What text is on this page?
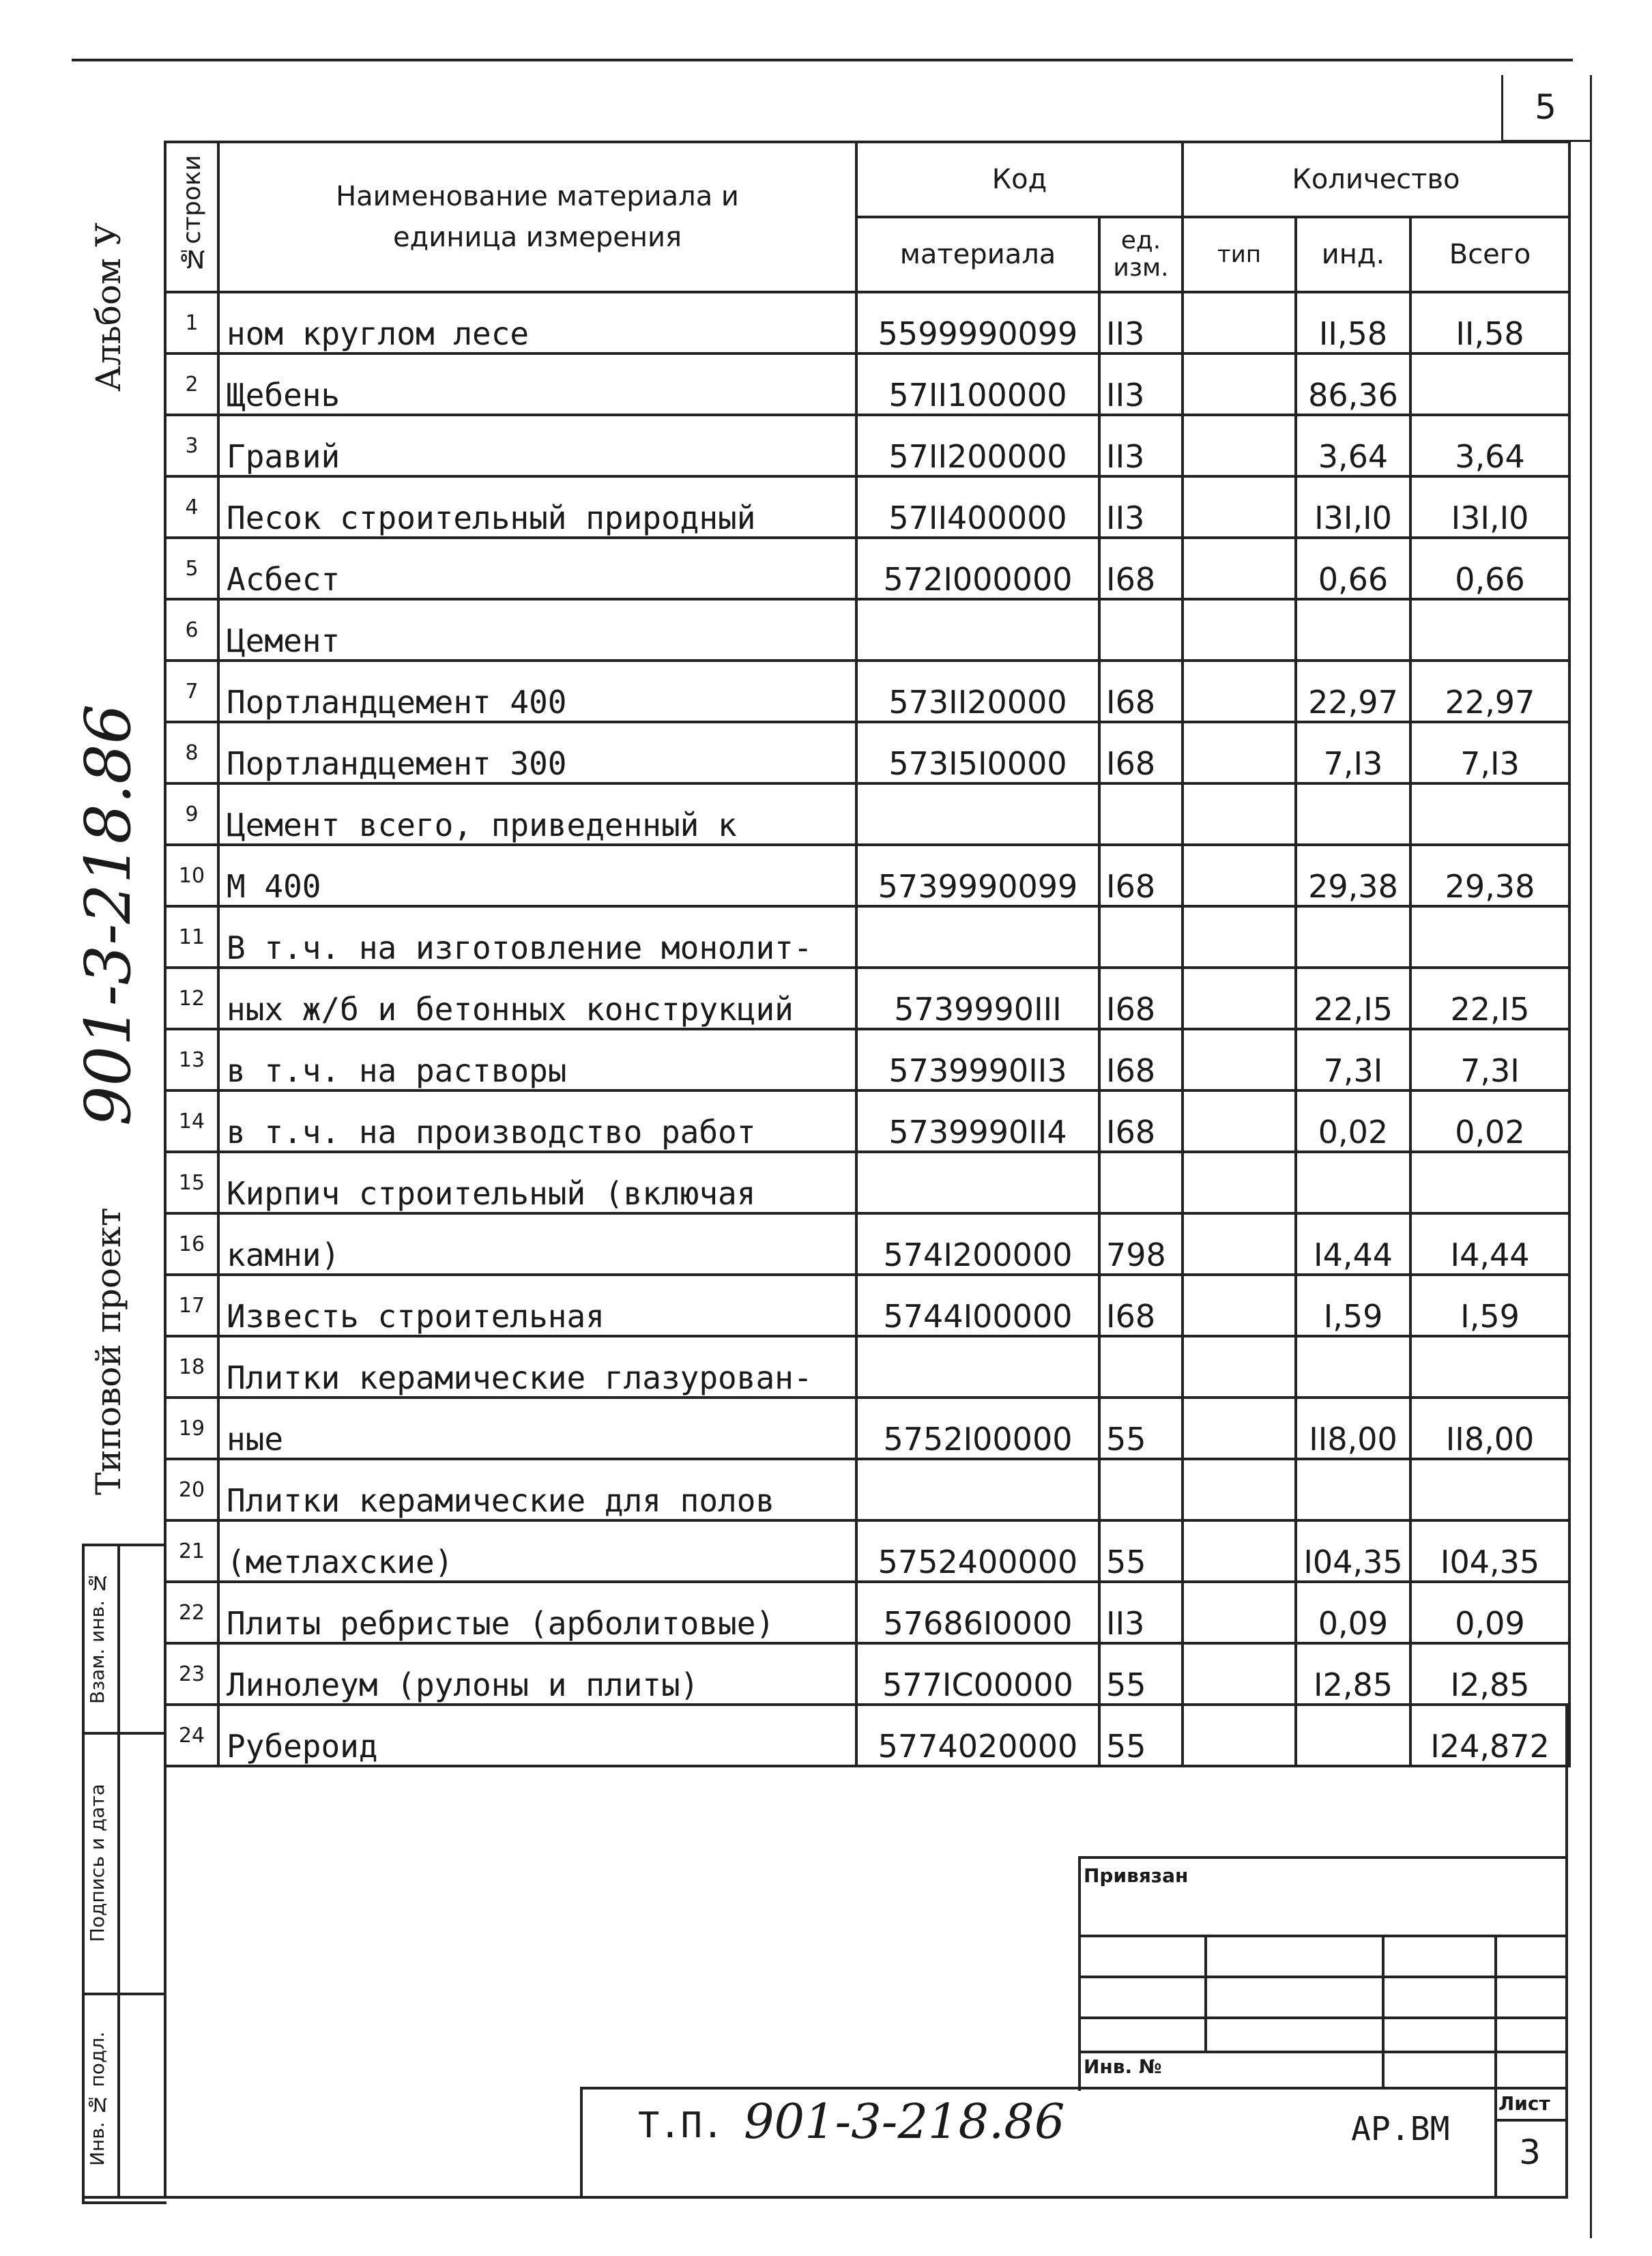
5
Альбом У
901-3-218.86
Типовой проект
Взам. инв. №
Подпись и дата
Инв. № подл.
№строки	Наименование материала и единица измерения	Код		Количество		
		материала	ед. изм.	тип	инд.	Всего
1	ном круглом лесе	5599990099	II3		II,58	II,58
2	Щебень	57II100000	II3		86,36	
3	Гравий	57II200000	II3		3,64	3,64
4	Песок строительный природный	57II400000	II3		I3I,I0	I3I,I0
5	Асбест	572I000000	I68		0,66	0,66
6	Цемент					
7	Портландцемент 400	573II20000	I68		22,97	22,97
8	Портландцемент 300	573I5I0000	I68		7,I3	7,I3
9	Цемент всего, приведенный к					
10	М 400	5739990099	I68		29,38	29,38
11	В т.ч. на изготовление монолит-					
12	ных ж/б и бетонных конструкций	5739990III	I68		22,I5	22,I5
13	в т.ч. на растворы	5739990II3	I68		7,3I	7,3I
14	в т.ч. на производство работ	5739990II4	I68		0,02	0,02
15	Кирпич строительный (включая					
16	камни)	574I200000	798		I4,44	I4,44
17	Известь строительная	5744I00000	I68		I,59	I,59
18	Плитки керамические глазурован-					
19	ные	5752I00000	55		II8,00	II8,00
20	Плитки керамические для полов					
21	(метлахские)	5752400000	55		I04,35	I04,35
22	Плиты ребристые (арболитовые)	57686I0000	II3		0,09	0,09
23	Линолеум (рулоны и плиты)	577IC00000	55		I2,85	I2,85
24	Рубероид	5774020000	55			I24,872
Привязан
Инв. №
Т.П. 901-3-218.86	АР.ВМ
Лист
3
